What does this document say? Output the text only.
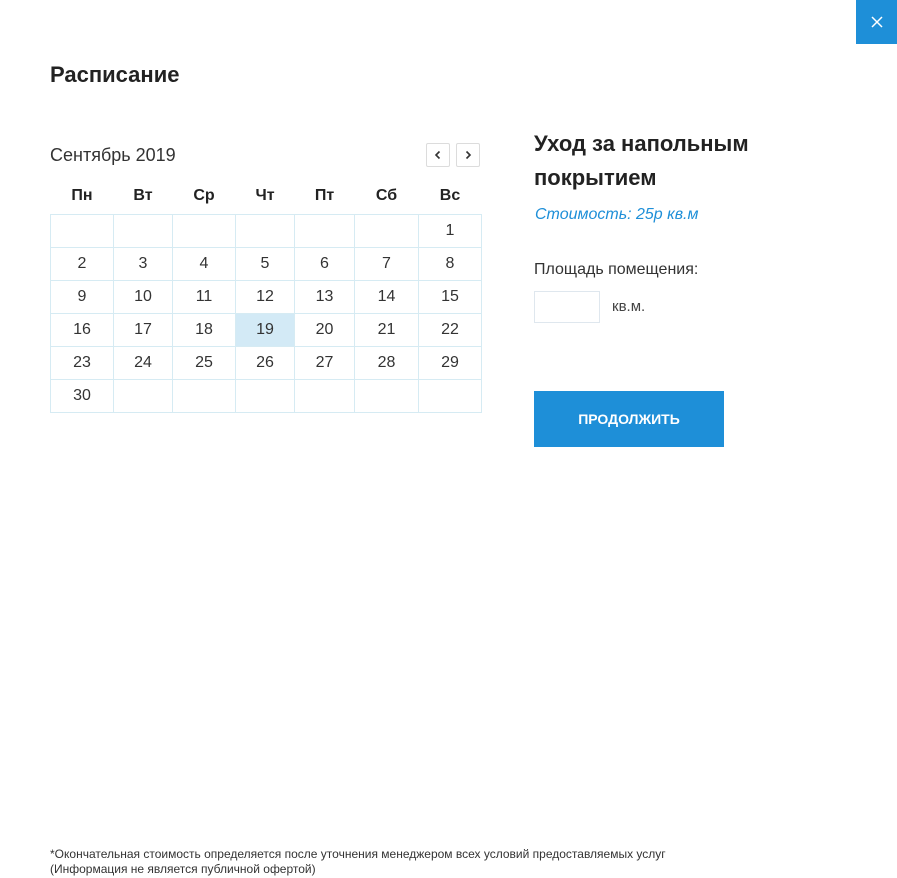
Расписание
Сентябрь 2019
Пн	Вт	Ср	Чт	Пт	Сб	Вс
						1
2	3	4	5	6	7	8
9	10	11	12	13	14	15
16	17	18	19	20	21	22
23	24	25	26	27	28	29
30						
Уход за напольным покрытием
Стоимость: 25р кв.м
Площадь помещения:
кв.м.
ПРОДОЛЖИТЬ
*Окончательная стоимость определяется после уточнения менеджером всех условий предоставляемых услуг
(Информация не является публичной офертой)
